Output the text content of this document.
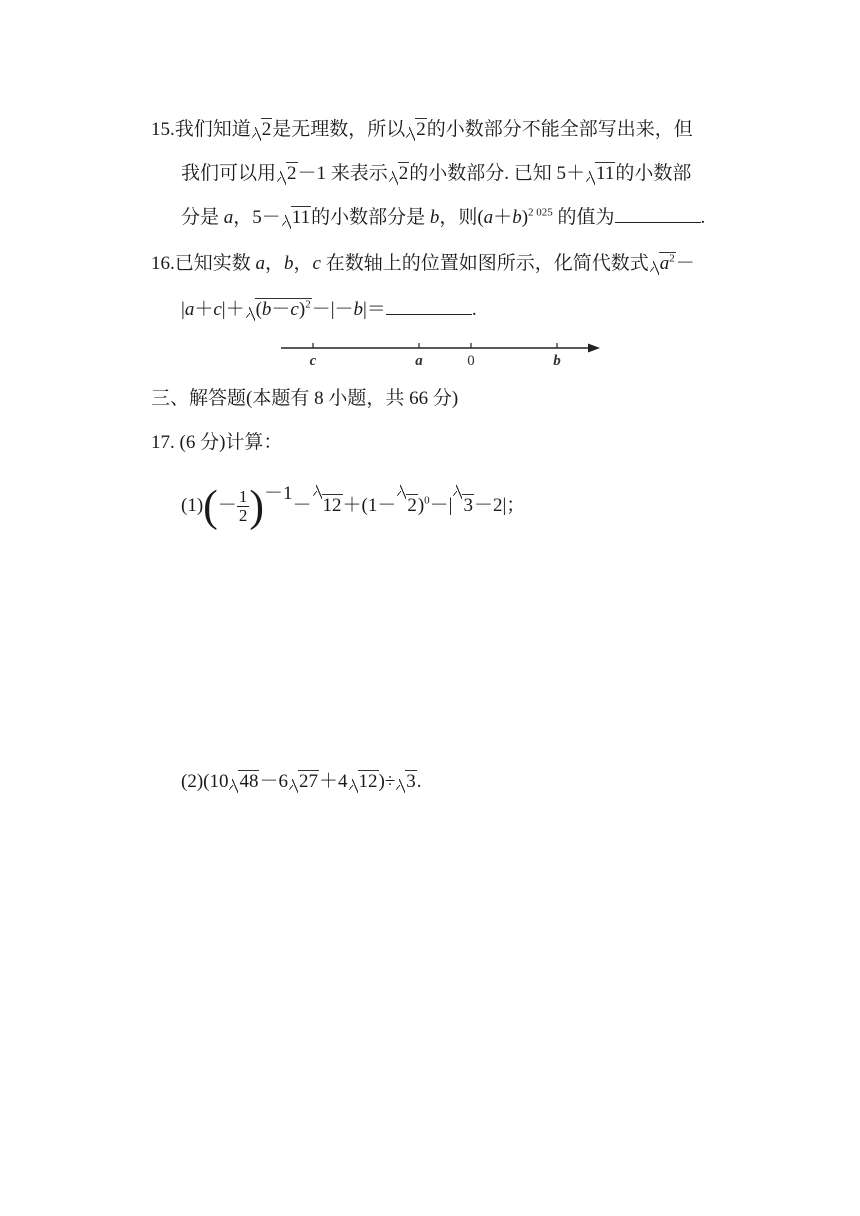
15.我们知道 2是无理数，所以 2的小数部分不能全部写出来，但
我们可以用 2－1 来表示 2的小数部分. 已知 5＋ 11的小数部
分是 a，5－ 11的小数部分是 b，则$(a+b)^{2 025}$ 的值为	.
16.已知实数 a，b，c 在数轴上的位置如图所示，化简代数式 $a^2-$
$|a+c|+ (b-c)^2-|-b|=$	.
c	a	0	b
三、解答题(本题有 8 小题，共 66 分)
17. (6 分)计算：
$(1)(- \frac{1}{2} )-1- 12+(1- 2)^0-|$ 3－2|；
(2)(10 48－6 27＋4 12)÷ 3.
